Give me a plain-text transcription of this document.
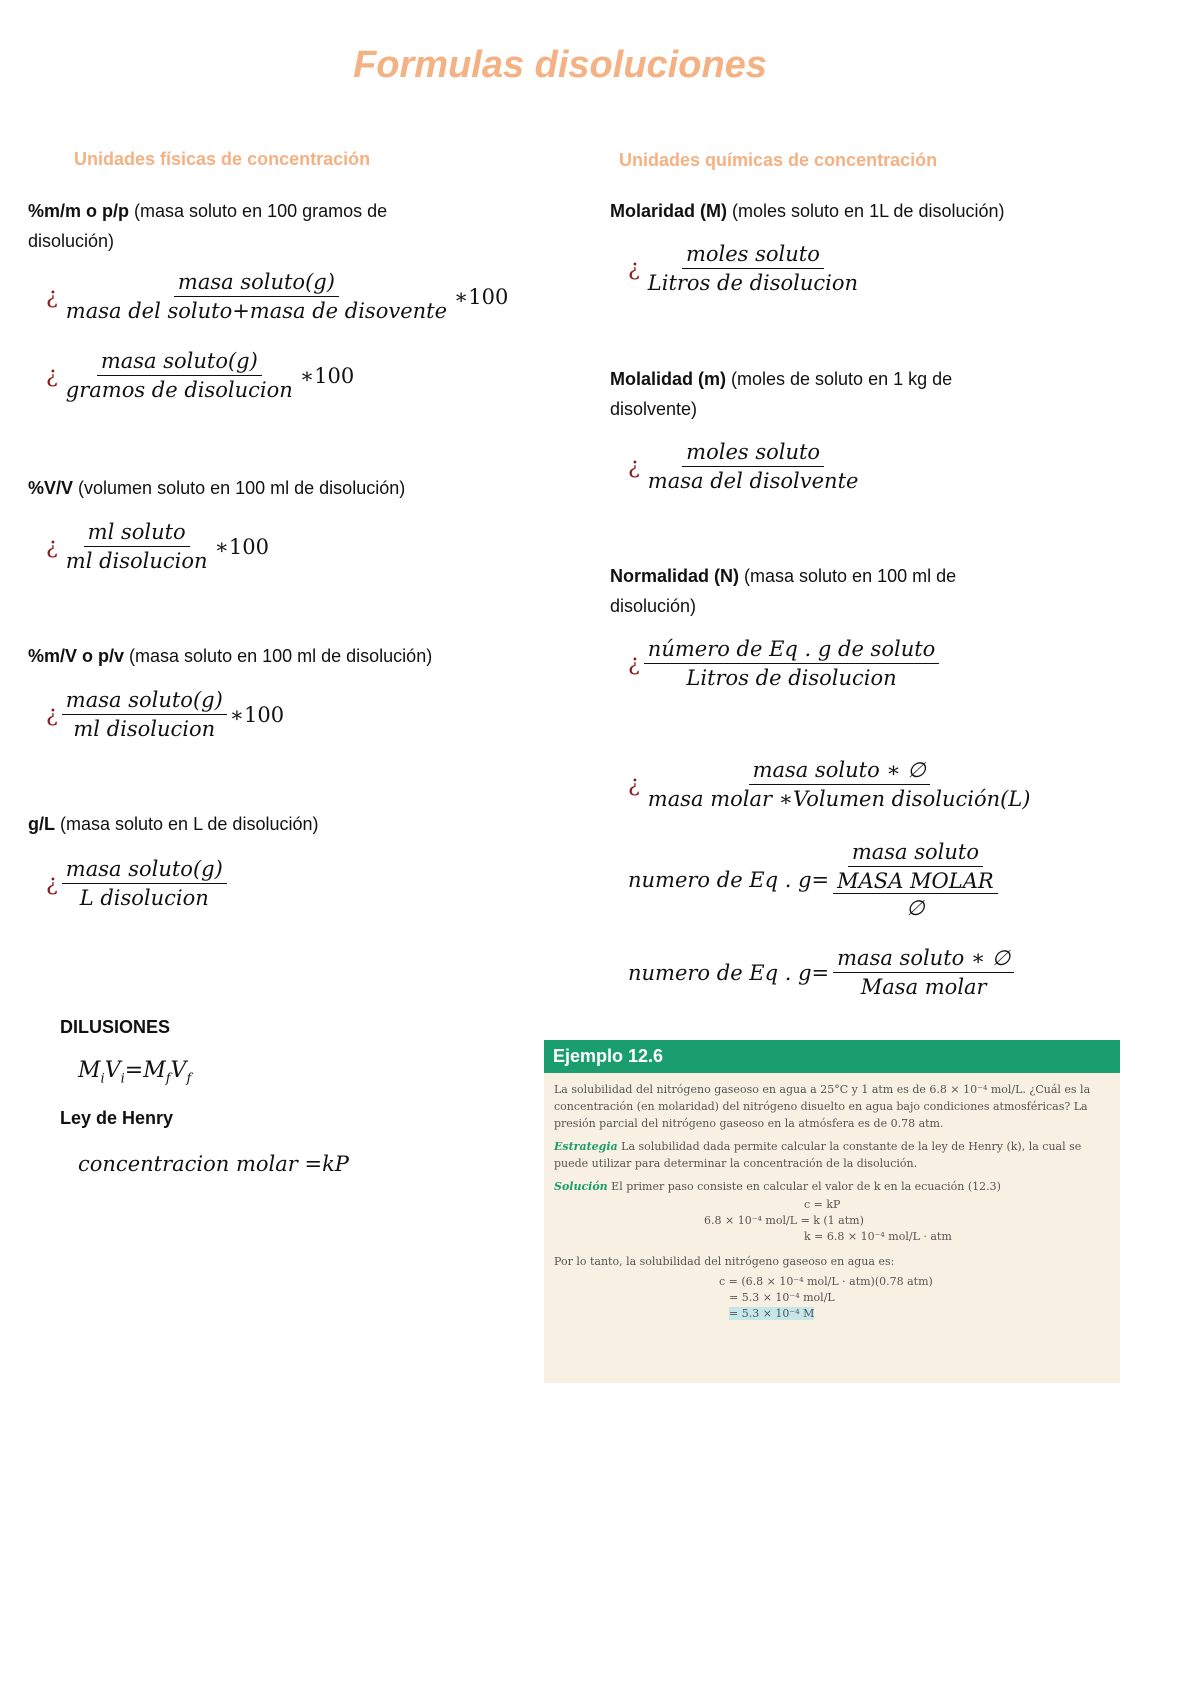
Formulas disoluciones
Unidades físicas de concentración
%m/m o p/p (masa soluto en 100 gramos de disolución)
¿ $\frac{\text{masa soluto(g)}}{\text{masa del soluto+masa de disovente}}$ ∗100
¿ $\frac{\text{masa soluto(g)}}{\text{gramos de disolucion}}$ ∗100
%V/V (volumen soluto en 100 ml de disolución)
¿ $\frac{\text{ml soluto}}{\text{ml disolucion}}$ ∗100
%m/V o p/v (masa soluto en 100 ml de disolución)
¿ $\frac{\text{masa soluto(g)}}{\text{ml disolucion}}$ ∗100
g/L (masa soluto en L de disolución)
¿ $\frac{\text{masa soluto(g)}}{\text{L disolucion}}$
DILUSIONES
$M_iV_i=M_fV_f$
Ley de Henry
concentracion molar =kP
Unidades químicas de concentración
Molaridad (M) (moles soluto en 1L de disolución)
¿ $\frac{\text{moles soluto}}{\text{Litros de disolucion}}$
Molalidad (m) (moles de soluto en 1 kg de disolvente)
¿ $\frac{\text{moles soluto}}{\text{masa del disolvente}}$
Normalidad (N) (masa soluto en 100 ml de disolución)
¿ $\frac{\text{número de Eq . g de soluto}}{\text{Litros de disolucion}}$
¿ $\frac{\text{masa soluto ∗ ∅}}{\text{masa molar ∗Volumen disolución(L)}}$
numero de Eq . g=
masa soluto
MASA MOLAR
∅
numero de Eq . $g= \frac{\text{masa soluto ∗ ∅}}{\text{Masa molar}}$
Ejemplo 12.6
La solubilidad del nitrógeno gaseoso en agua a 25°C y 1 atm es de 6.8 × 10⁻⁴ mol/L. ¿Cuál es la concentración (en molaridad) del nitrógeno disuelto en agua bajo condiciones atmosféricas? La presión parcial del nitrógeno gaseoso en la atmósfera es de 0.78 atm.
Estrategia La solubilidad dada permite calcular la constante de la ley de Henry (k), la cual se puede utilizar para determinar la concentración de la disolución.
Solución El primer paso consiste en calcular el valor de k en la ecuación (12.3)
c = kP
6.8 × 10⁻⁴ mol/L = k (1 atm)
k = 6.8 × 10⁻⁴ mol/L · atm
Por lo tanto, la solubilidad del nitrógeno gaseoso en agua es:
c = (6.8 × 10⁻⁴ mol/L · atm)(0.78 atm)
= 5.3 × 10⁻⁴ mol/L
= 5.3 × 10⁻⁴ M
